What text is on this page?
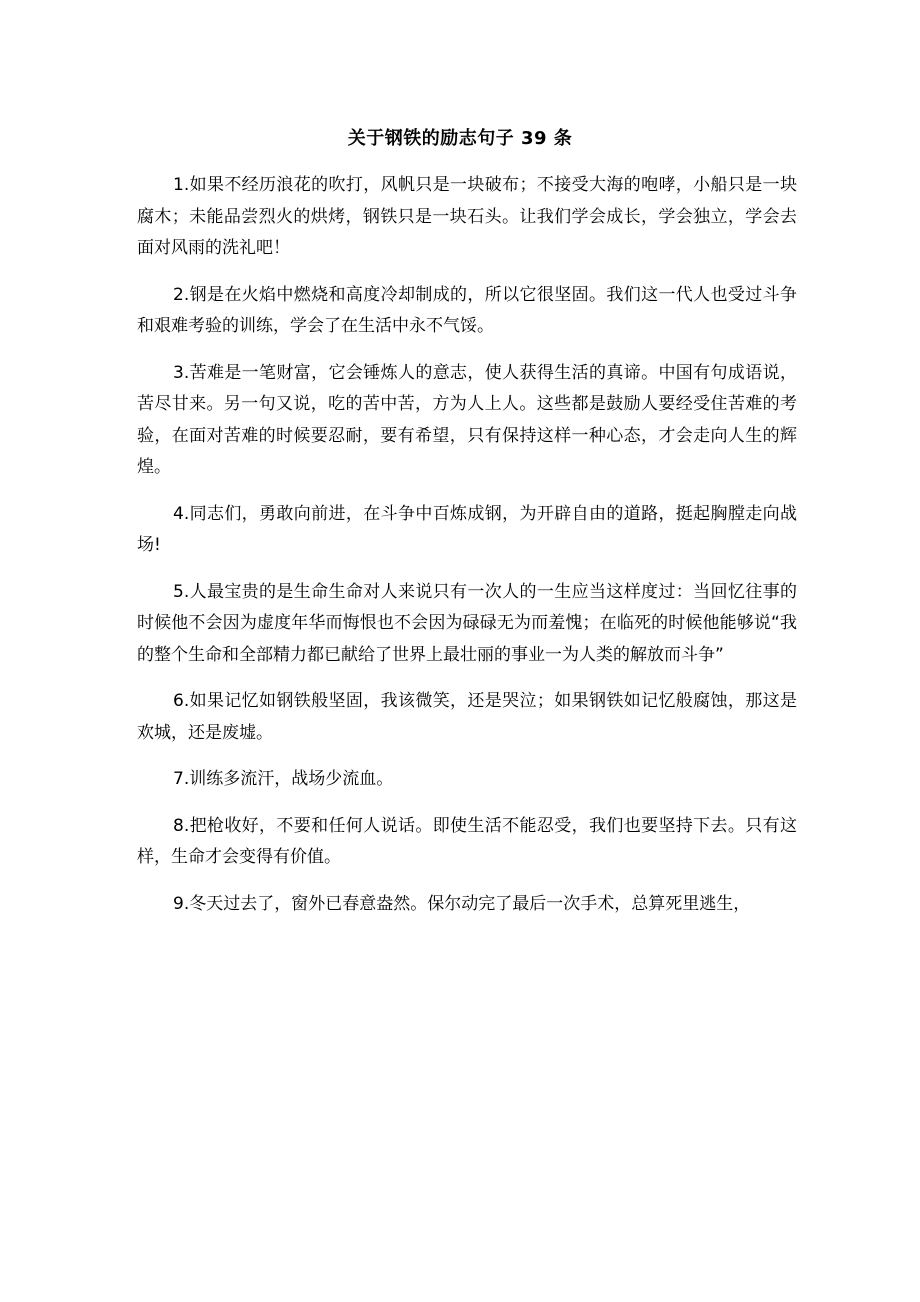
关于钢铁的励志句子 39 条

1.如果不经历浪花的吹打，风帆只是一块破布；不接受大海的咆哮，小船只是一块腐木；未能品尝烈火的烘烤，钢铁只是一块石头。让我们学会成长，学会独立，学会去面对风雨的洗礼吧！

2.钢是在火焰中燃烧和高度冷却制成的，所以它很坚固。我们这一代人也受过斗争和艰难考验的训练，学会了在生活中永不气馁。

3.苦难是一笔财富，它会锤炼人的意志，使人获得生活的真谛。中国有句成语说，苦尽甘来。另一句又说，吃的苦中苦，方为人上人。这些都是鼓励人要经受住苦难的考验，在面对苦难的时候要忍耐，要有希望，只有保持这样一种心态，才会走向人生的辉煌。

4.同志们，勇敢向前进，在斗争中百炼成钢，为开辟自由的道路，挺起胸膛走向战场!

5.人最宝贵的是生命生命对人来说只有一次人的一生应当这样度过：当回忆往事的时候他不会因为虚度年华而悔恨也不会因为碌碌无为而羞愧；在临死的时候他能够说“我的整个生命和全部精力都已献给了世界上最壮丽的事业一为人类的解放而斗争”

6.如果记忆如钢铁般坚固，我该微笑，还是哭泣；如果钢铁如记忆般腐蚀，那这是欢城，还是废墟。

7.训练多流汗，战场少流血。

8.把枪收好，不要和任何人说话。即使生活不能忍受，我们也要坚持下去。只有这样，生命才会变得有价值。

9.冬天过去了，窗外已春意盎然。保尔动完了最后一次手术，总算死里逃生，
